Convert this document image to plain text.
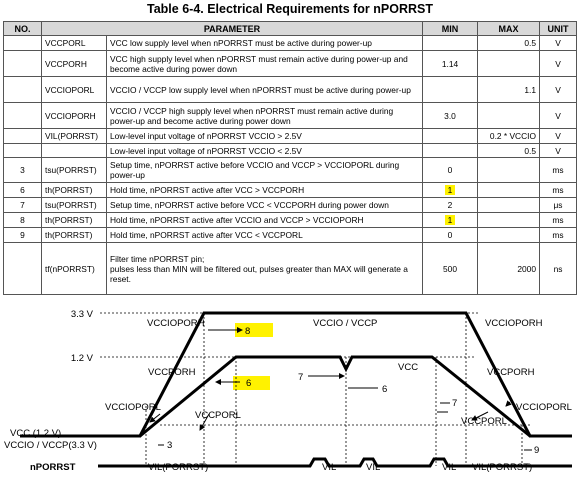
Table 6-4. Electrical Requirements for nPORRST
NO.	PARAMETER		MIN	MAX	UNIT
	VCCPORL	VCC low supply level when nPORRST must be active during power-up		0.5	V
	VCCPORH	VCC high supply level when nPORRST must remain active during power-up and become active during power down	1.14		V
	VCCIOPORL	VCCIO / VCCP low supply level when nPORRST must be active during power-up		1.1	V
	VCCIOPORH	VCCIO / VCCP high supply level when nPORRST must remain active during power-up and become active during power down	3.0		V
	VIL(PORRST)	Low-level input voltage of nPORRST VCCIO > 2.5V		0.2 * VCCIO	V
		Low-level input voltage of nPORRST VCCIO < 2.5V		0.5	V
3	tsu(PORRST)	Setup time, nPORRST active before VCCIO and VCCP > VCCIOPORL during power-up	0		ms
6	th(PORRST)	Hold time, nPORRST active after VCC > VCCPORH	1		ms
7	tsu(PORRST)	Setup time, nPORRST active before VCC < VCCPORH during power down	2		μs
8	th(PORRST)	Hold time, nPORRST active after VCCIO and VCCP > VCCIOPORH	1		ms
9	th(PORRST)	Hold time, nPORRST active after VCC < VCCPORL	0		ms
	tf(nPORRST)	Filter time nPORRST pin;
pulses less than MIN will be filtered out, pulses greater than MAX will generate a reset.	500	2000	ns
3.3 V
1.2 V
VCCIOPORH	VCCIOPORH
VCCIO / VCCP
VCCPORH	VCCPORH
VCC
VCCIOPORL	VCCIOPORL
VCCPORL
VCCPORL
VCC (1.2 V)
VCCIO / VCCP(3.3 V)
nPORRST	VIL(PORRST)	VIL	VIL	VIL VIL(PORRST)
3
6
7
6
7
8
9
